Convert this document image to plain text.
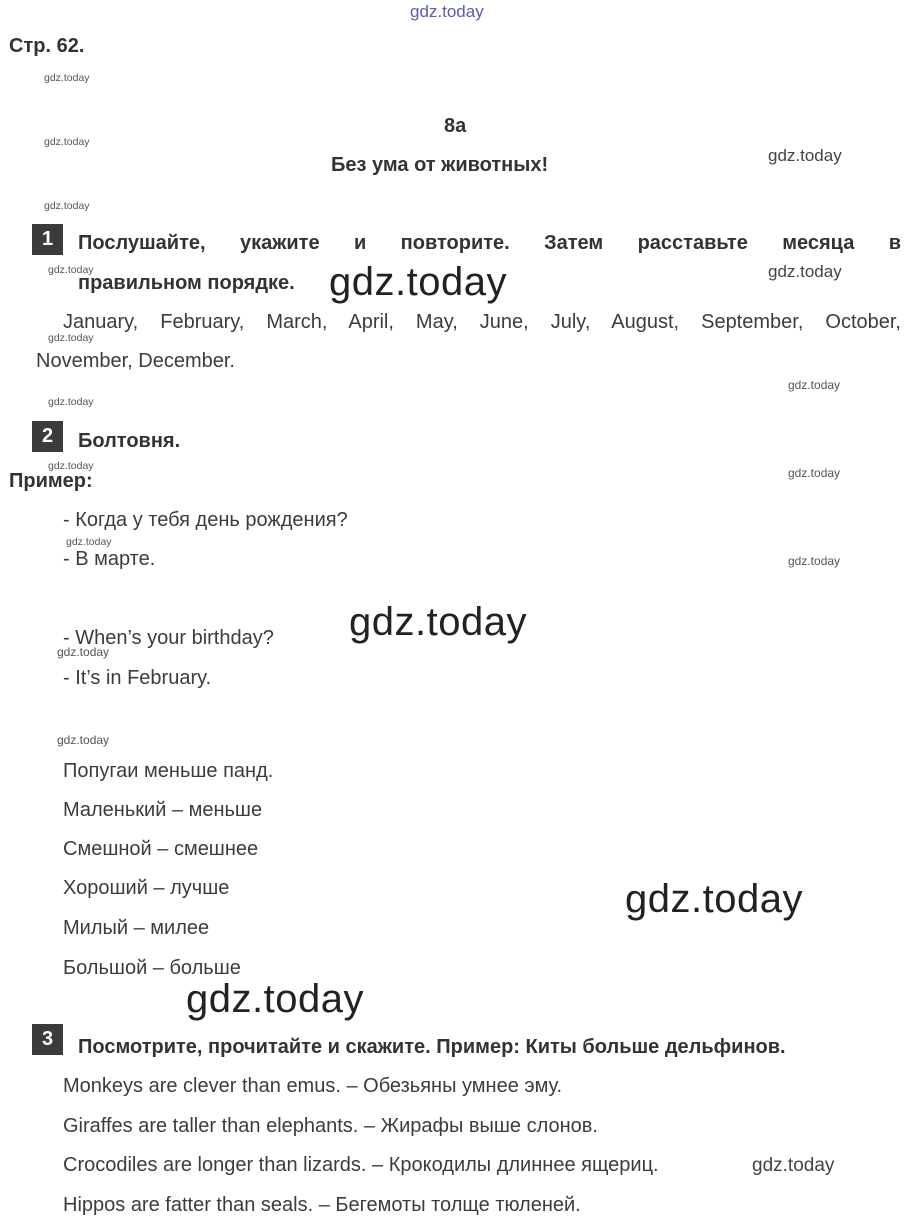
gdz.today
Стр. 62.
8a
Без ума от животных!
1	Послушайте, укажите и повторите. Затем расставьте месяца в
правильном порядке.
January, February, March, April, May, June, July, August, September, October,
November, December.
2	Болтовня.
Пример:
- Когда у тебя день рождения?
- В марте.
- When’s your birthday?
- It’s in February.
Попугаи меньше панд.
Маленький – меньше
Смешной – смешнее
Хороший – лучше
Милый – милее
Большой – больше
3	Посмотрите, прочитайте и скажите. Пример: Киты больше дельфинов.
Monkeys are clever than emus. – Обезьяны умнее эму.
Giraffes are taller than elephants. – Жирафы выше слонов.
Crocodiles are longer than lizards. – Крокодилы длиннее ящериц.
Hippos are fatter than seals. – Бегемоты толще тюленей.
gdz.today
gdz.today
gdz.today
gdz.today
gdz.today
gdz.today
gdz.today
gdz.today
gdz.today
gdz.today
gdz.today
gdz.today
gdz.today
gdz.today
gdz.today
gdz.today
gdz.today
gdz.today
gdz.today
gdz.today
